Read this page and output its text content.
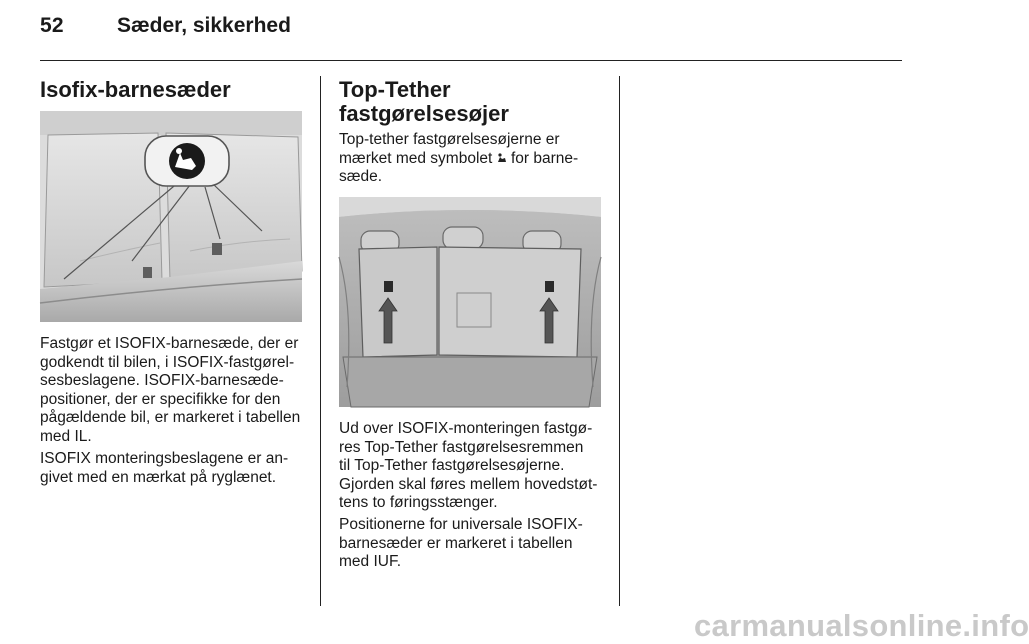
52	Sæder, sikkerhed
Isofix-barnesæder

Fastgør et ISOFIX-barnesæde, der er
godkendt til bilen, i ISOFIX-fastgørel-
sesbeslagene. ISOFIX-barnesæde-
positioner, der er specifikke for den
pågældende bil, er markeret i tabellen
med IL.

ISOFIX monteringsbeslagene er an-
givet med en mærkat på ryglænet.

Top-Tether
fastgørelsesøjer

Top-tether fastgørelsesøjerne er
mærket med symbolet  for barne-
sæde.

Ud over ISOFIX-monteringen fastgø-
res Top-Tether fastgørelsesremmen
til Top-Tether fastgørelsesøjerne.
Gjorden skal føres mellem hovedstøt-
tens to føringsstænger.

Positionerne for universale ISOFIX-
barnesæder er markeret i tabellen
med IUF.

carmanualsonline.info
